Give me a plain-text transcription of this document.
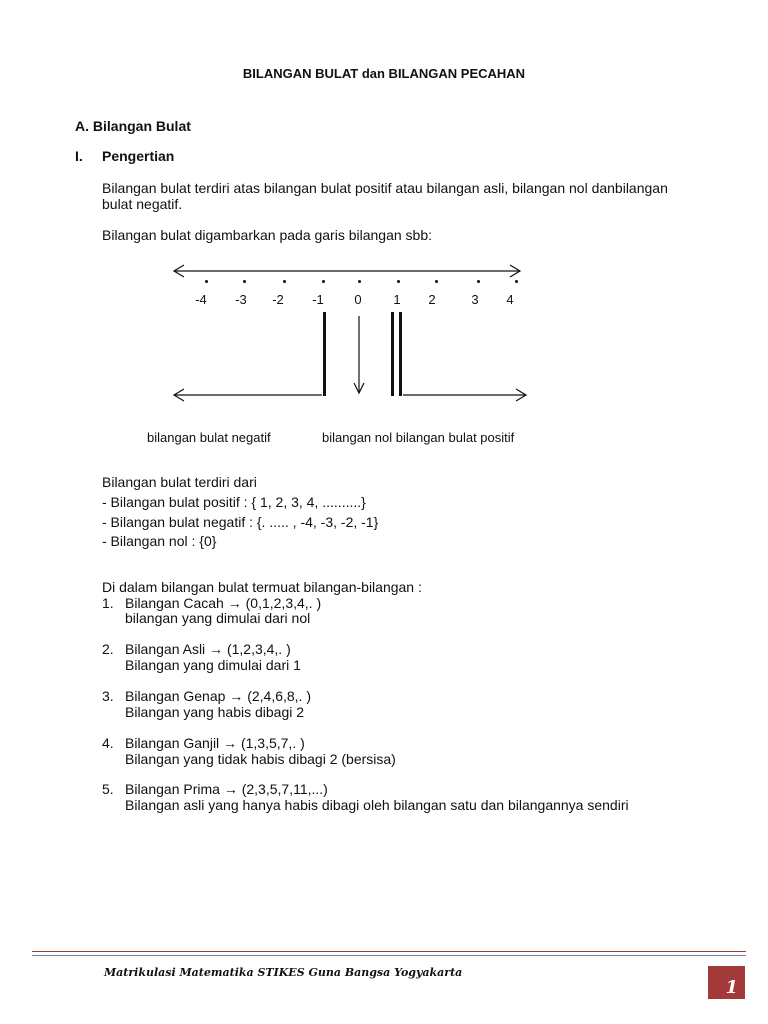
BILANGAN BULAT dan BILANGAN PECAHAN
A. Bilangan Bulat
I. Pengertian
Bilangan bulat terdiri atas bilangan bulat positif atau bilangan asli, bilangan nol danbilangan bulat negatif.
Bilangan bulat digambarkan pada garis bilangan sbb:
-4	-3	-2	-1	0	1	2	3	4
bilangan bulat negatif	bilangan nol bilangan bulat positif
Bilangan bulat terdiri dari
- Bilangan bulat positif : { 1, 2, 3, 4, ..........}
- Bilangan bulat negatif : {. ..... , -4, -3, -2, -1}
- Bilangan nol : {0}
Di dalam bilangan bulat termuat bilangan-bilangan :
1. Bilangan Cacah → (0,1,2,3,4,. )
bilangan yang dimulai dari nol
2. Bilangan Asli → (1,2,3,4,. )
Bilangan yang dimulai dari 1
3. Bilangan Genap → (2,4,6,8,. )
Bilangan yang habis dibagi 2
4. Bilangan Ganjil → (1,3,5,7,. )
Bilangan yang tidak habis dibagi 2 (bersisa)
5. Bilangan Prima → (2,3,5,7,11,...)
Bilangan asli yang hanya habis dibagi oleh bilangan satu dan bilangannya sendiri
Matrikulasi Matematika STIKES Guna Bangsa Yogyakarta
1
